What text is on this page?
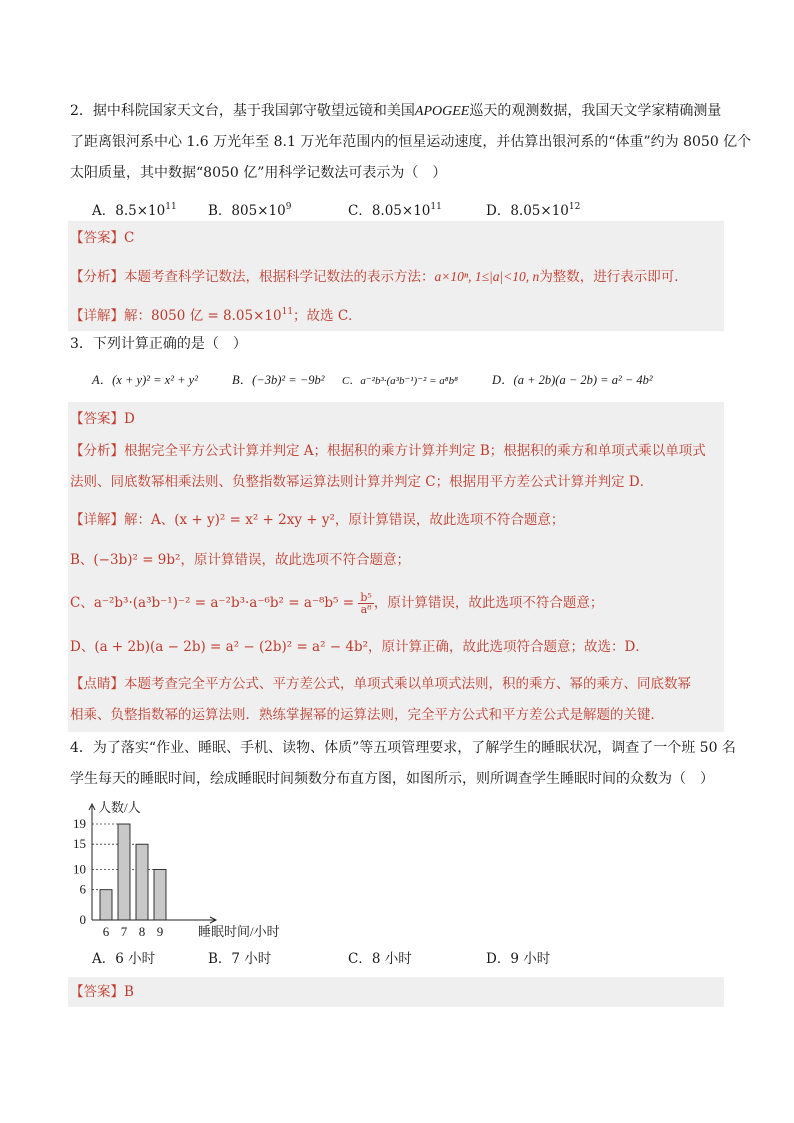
2．据中科院国家天文台，基于我国郭守敬望远镜和美国APOGEE巡天的观测数据，我国天文学家精确测量
了距离银河系中心 1.6 万光年至 8.1 万光年范围内的恒星运动速度，并估算出银河系的“体重”约为 8050 亿个
太阳质量，其中数据“8050 亿”用科学记数法可表示为（　）
A．$8.5\times 10^{11}$ B．$805\times 10^9$	C．$8.05\times 10^{11}$	D．$8.05\times 10^{12}$
【答案】C
【分析】本题考查科学记数法，根据科学记数法的表示方法：a×10ⁿ, 1≤|a|<10, n为整数，进行表示即可．
【详解】解：8050 亿 = $8.05\times 10^{11}$；故选 C．
3．下列计算正确的是（　）
A．(x + y)² = x² + y²	B．(−3b)² = −9b² C．a⁻²b³·(a³b⁻¹)⁻² = a⁸b⁸	D．(a + 2b)(a − 2b) = a² − 4b²
【答案】D
【分析】根据完全平方公式计算并判定 A；根据积的乘方计算并判定 B；根据积的乘方和单项式乘以单项式
法则、同底数幂相乘法则、负整指数幂运算法则计算并判定 C；根据用平方差公式计算并判定 D．
【详解】解：A、(x + y)² = x² + 2xy + y²，原计算错误，故此选项不符合题意；
B、(−3b)² = 9b²，原计算错误，故此选项不符合题意；
C、$a^{-2}b^3\cdot(a^3b^{-1})^{-2} = a^{-2}b^3\cdot a^{-6}b^2 = a^{-8}b^5 = \frac{\text{b⁵}}{\text{a⁸}}$ ，原计算错误，故此选项不符合题意；
D、(a + 2b)(a − 2b) = a² − (2b)² = a² − 4b²，原计算正确，故此选项符合题意；故选：D．
【点睛】本题考查完全平方公式、平方差公式，单项式乘以单项式法则，积的乘方、幂的乘方、同底数幂
相乘、负整指数幂的运算法则．熟练掌握幂的运算法则，完全平方公式和平方差公式是解题的关键．
4．为了落实“作业、睡眠、手机、读物、体质”等五项管理要求，了解学生的睡眠状况，调查了一个班 50 名
学生每天的睡眠时间，绘成睡眠时间频数分布直方图，如图所示，则所调查学生睡眠时间的众数为（　）
6 7 8 9
0
6
10
15
19
人数/人
睡眠时间/小时
A．6 小时	B．7 小时	C．8 小时	D．9 小时
【答案】B
